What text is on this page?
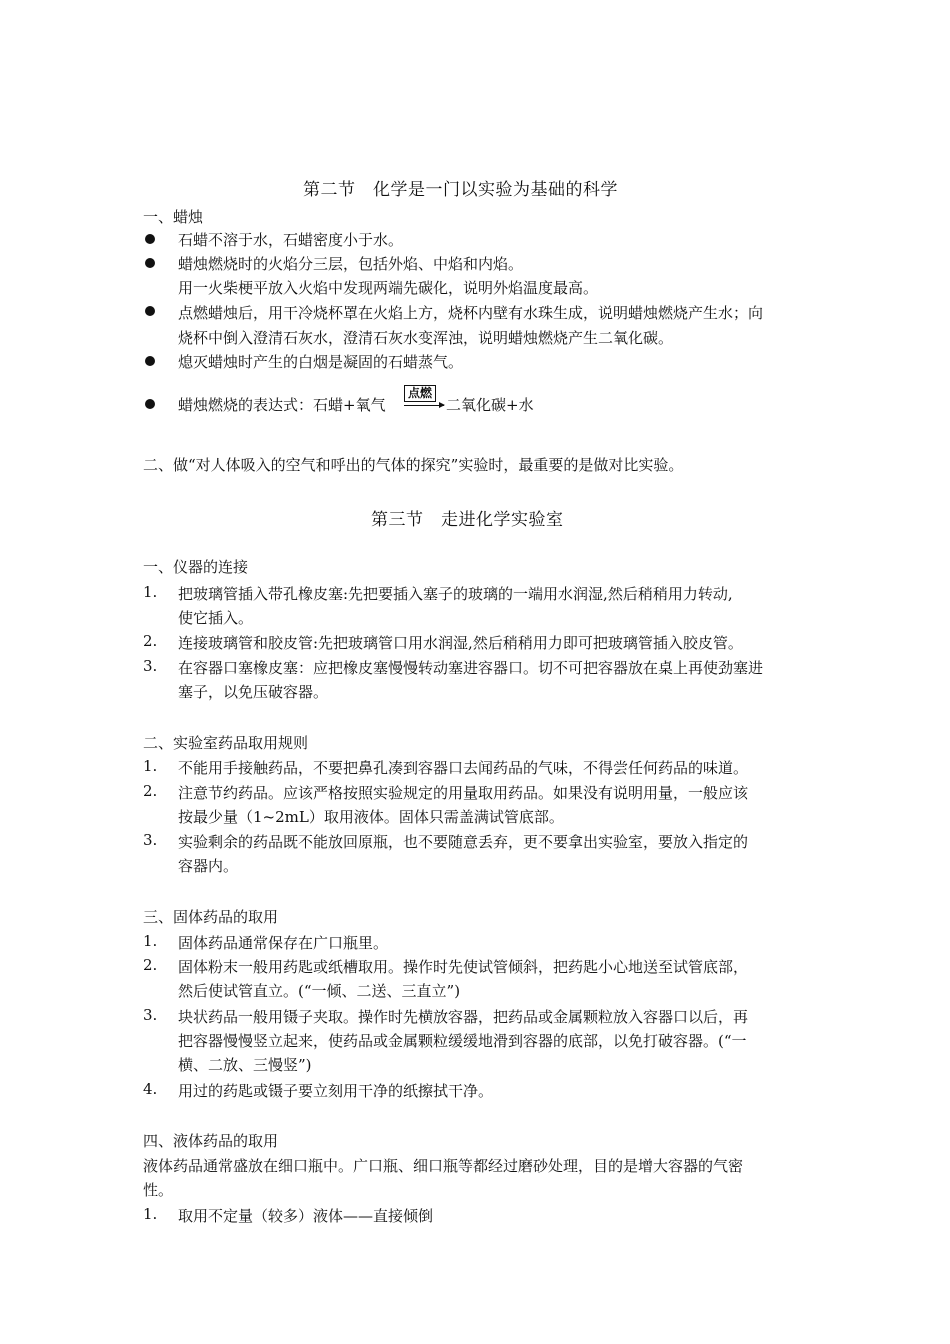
第二节　化学是一门以实验为基础的科学
一、蜡烛
石蜡不溶于水，石蜡密度小于水。
蜡烛燃烧时的火焰分三层，包括外焰、中焰和内焰。
用一火柴梗平放入火焰中发现两端先碳化，说明外焰温度最高。
点燃蜡烛后，用干冷烧杯罩在火焰上方，烧杯内壁有水珠生成，说明蜡烛燃烧产生水；向
烧杯中倒入澄清石灰水，澄清石灰水变浑浊，说明蜡烛燃烧产生二氧化碳。
熄灭蜡烛时产生的白烟是凝固的石蜡蒸气。
蜡烛燃烧的表达式：石蜡+氧气
点燃
→ 二氧化碳+水
二、做“对人体吸入的空气和呼出的气体的探究”实验时，最重要的是做对比实验。
第三节　走进化学实验室
一、仪器的连接
1. 把玻璃管插入带孔橡皮塞:先把要插入塞子的玻璃的一端用水润湿,然后稍稍用力转动,
使它插入。
2. 连接玻璃管和胶皮管:先把玻璃管口用水润湿,然后稍稍用力即可把玻璃管插入胶皮管。
3. 在容器口塞橡皮塞：应把橡皮塞慢慢转动塞进容器口。切不可把容器放在桌上再使劲塞进
塞子，以免压破容器。
二、实验室药品取用规则
1. 不能用手接触药品，不要把鼻孔凑到容器口去闻药品的气味，不得尝任何药品的味道。
2. 注意节约药品。应该严格按照实验规定的用量取用药品。如果没有说明用量，一般应该
按最少量（1~2mL）取用液体。固体只需盖满试管底部。
3. 实验剩余的药品既不能放回原瓶，也不要随意丢弃，更不要拿出实验室，要放入指定的
容器内。
三、固体药品的取用
1. 固体药品通常保存在广口瓶里。
2. 固体粉末一般用药匙或纸槽取用。操作时先使试管倾斜，把药匙小心地送至试管底部，
然后使试管直立。(“一倾、二送、三直立”)
3. 块状药品一般用镊子夹取。操作时先横放容器，把药品或金属颗粒放入容器口以后，再
把容器慢慢竖立起来，使药品或金属颗粒缓缓地滑到容器的底部，以免打破容器。(“一
横、二放、三慢竖”)
4. 用过的药匙或镊子要立刻用干净的纸擦拭干净。
四、液体药品的取用
液体药品通常盛放在细口瓶中。广口瓶、细口瓶等都经过磨砂处理，目的是增大容器的气密
性。
1. 取用不定量（较多）液体——直接倾倒
